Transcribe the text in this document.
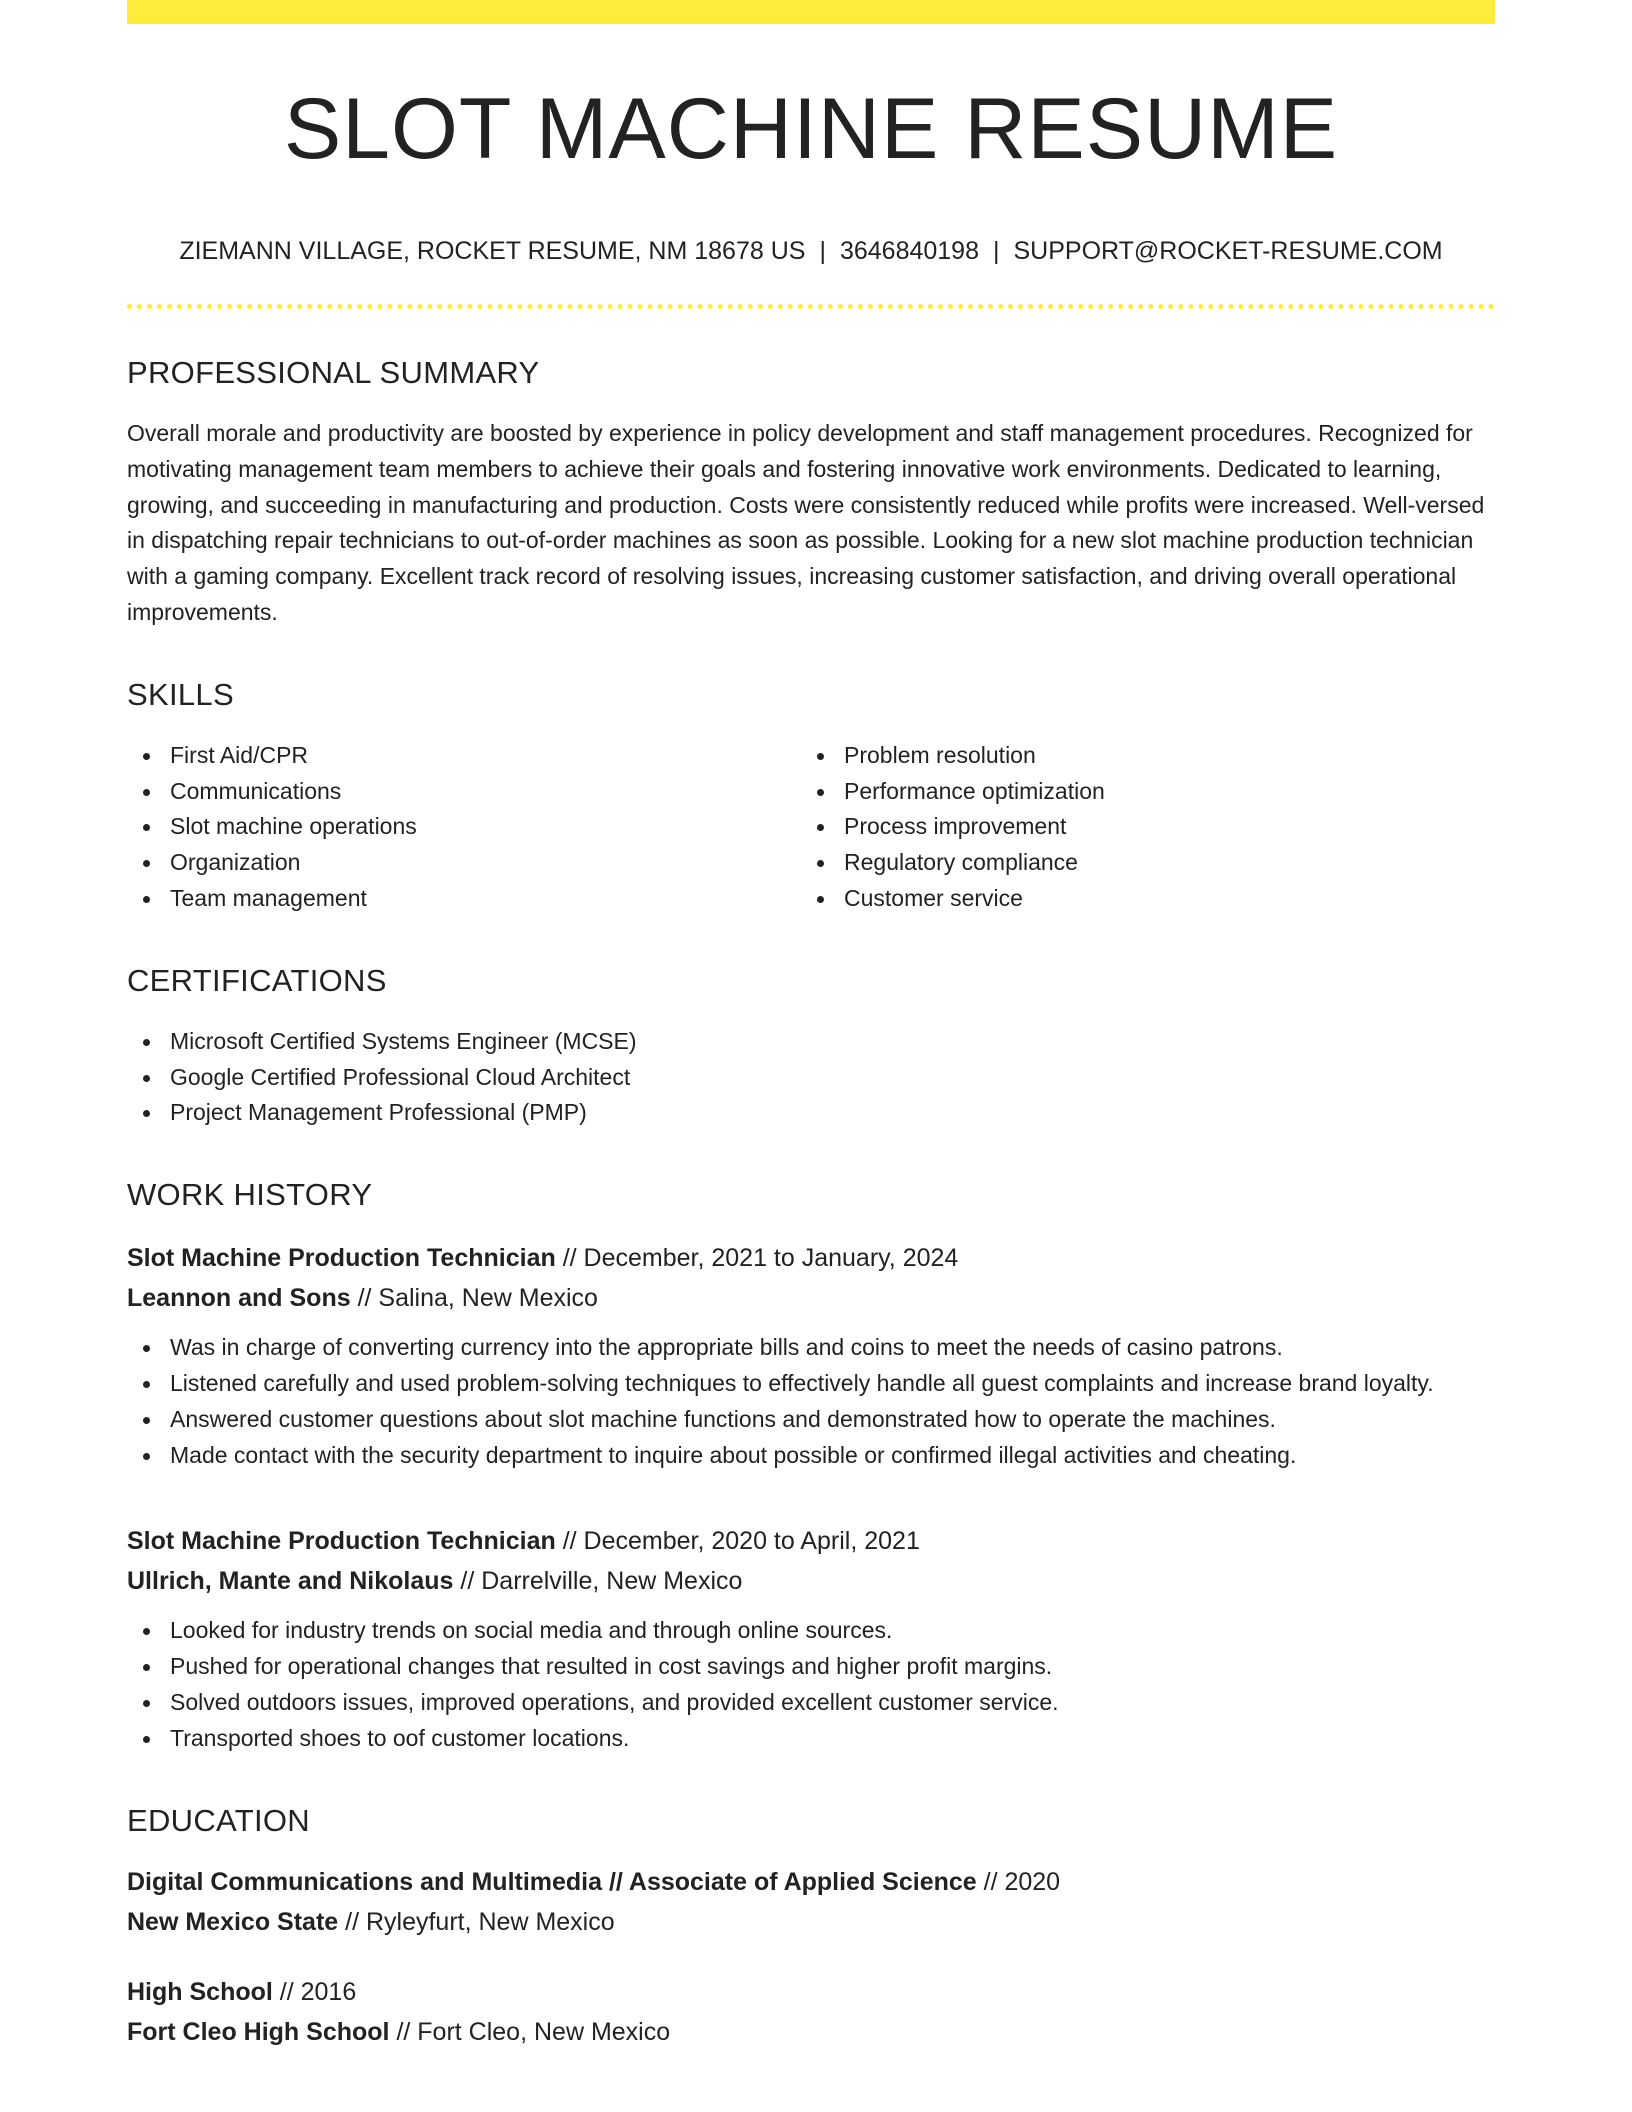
SLOT MACHINE RESUME
ZIEMANN VILLAGE, ROCKET RESUME, NM 18678 US | 3646840198 | SUPPORT@ROCKET-RESUME.COM
PROFESSIONAL SUMMARY

Overall morale and productivity are boosted by experience in policy development and staff management procedures. Recognized for motivating management team members to achieve their goals and fostering innovative work environments. Dedicated to learning, growing, and succeeding in manufacturing and production. Costs were consistently reduced while profits were increased. Well-versed in dispatching repair technicians to out-of-order machines as soon as possible. Looking for a new slot machine production technician with a gaming company. Excellent track record of resolving issues, increasing customer satisfaction, and driving overall operational improvements.

SKILLS
First Aid/CPR
Communications
Slot machine operations
Organization
Team management
Problem resolution
Performance optimization
Process improvement
Regulatory compliance
Customer service
CERTIFICATIONS
Microsoft Certified Systems Engineer (MCSE)
Google Certified Professional Cloud Architect
Project Management Professional (PMP)
WORK HISTORY
Slot Machine Production Technician // December, 2021 to January, 2024
Leannon and Sons // Salina, New Mexico
Was in charge of converting currency into the appropriate bills and coins to meet the needs of casino patrons.
Listened carefully and used problem-solving techniques to effectively handle all guest complaints and increase brand loyalty.
Answered customer questions about slot machine functions and demonstrated how to operate the machines.
Made contact with the security department to inquire about possible or confirmed illegal activities and cheating.
Slot Machine Production Technician // December, 2020 to April, 2021
Ullrich, Mante and Nikolaus // Darrelville, New Mexico
Looked for industry trends on social media and through online sources.
Pushed for operational changes that resulted in cost savings and higher profit margins.
Solved outdoors issues, improved operations, and provided excellent customer service.
Transported shoes to oof customer locations.
EDUCATION
Digital Communications and Multimedia // Associate of Applied Science // 2020
New Mexico State // Ryleyfurt, New Mexico
High School // 2016
Fort Cleo High School // Fort Cleo, New Mexico
